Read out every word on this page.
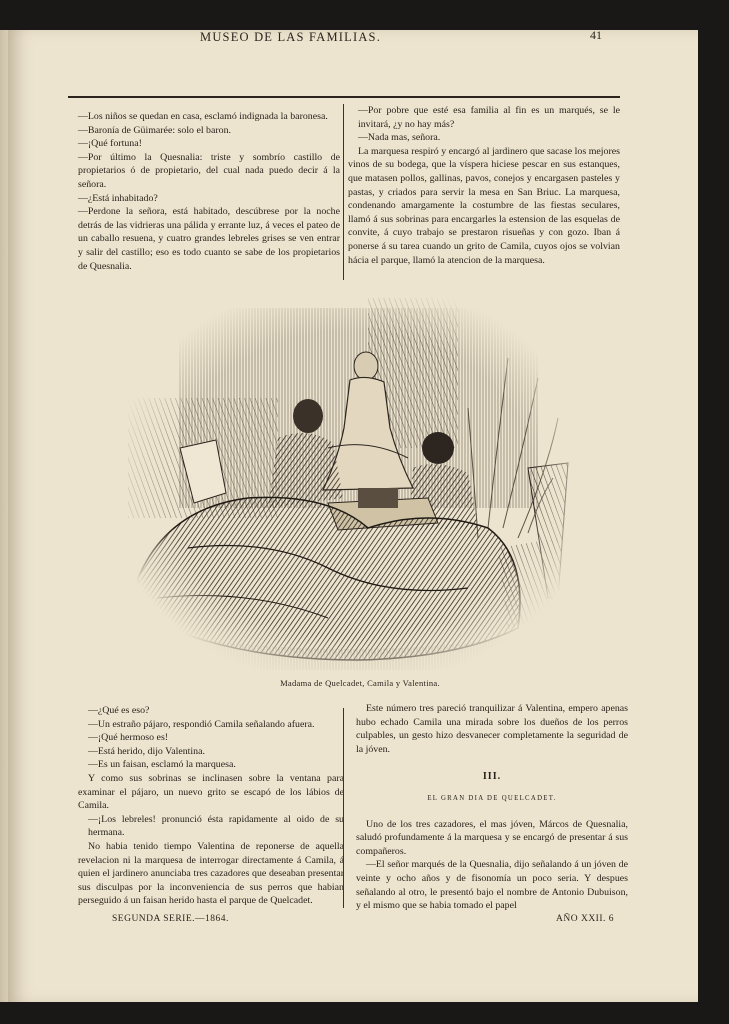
MUSEO DE LAS FAMILIAS.	41

—Los niños se quedan en casa, esclamó indignada la baronesa.

—Baronía de Güimarée: solo el baron.

—¡Qué fortuna!

—Por último la Quesnalia: triste y sombrío castillo de propietarios ó de propietario, del cual nada puedo decir á la señora.

—¿Está inhabitado?

—Perdone la señora, está habitado, descúbrese por la noche detrás de las vidrieras una pálida y errante luz, á veces el pateo de un caballo resuena, y cuatro grandes lebreles grises se ven entrar y salir del castillo; eso es todo cuanto se sabe de los propietarios de Quesnalia.

—Por pobre que esté esa familia al fin es un marqués, se le invitará, ¿y no hay más?

—Nada mas, señora.

La marquesa respiró y encargó al jardinero que sacase los mejores vinos de su bodega, que la víspera hiciese pescar en sus estanques, que matasen pollos, gallinas, pavos, conejos y encargasen pasteles y pastas, y criados para servir la mesa en San Briuc. La marquesa, condenando amargamente la costumbre de las fiestas seculares, llamó á sus sobrinas para encargarles la estension de las esquelas de convite, á cuyo trabajo se prestaron risueñas y con gozo. Iban á ponerse á su tarea cuando un grito de Camila, cuyos ojos se volvian hácia el parque, llamó la atencion de la marquesa.

Madama de Quelcadet, Camila y Valentina.

—¿Qué es eso?

—Un estraño pájaro, respondió Camila señalando afuera.

—¡Qué hermoso es!

—Está herido, dijo Valentina.

—Es un faisan, esclamó la marquesa.

Y como sus sobrinas se inclinasen sobre la ventana para examinar el pájaro, un nuevo grito se escapó de los lábios de Camila.

—¡Los lebreles! pronunció ésta rapidamente al oido de su hermana.

No habia tenido tiempo Valentina de reponerse de aquella revelacion ni la marquesa de interrogar directamente á Camila, á quien el jardinero anunciaba tres cazadores que deseaban presentar sus disculpas por la inconveniencia de sus perros que habian perseguido á un faisan herido hasta el parque de Quelcadet.

Este número tres pareció tranquilizar á Valentina, empero apenas hubo echado Camila una mirada sobre los dueños de los perros culpables, un gesto hizo desvanecer completamente la seguridad de la jóven.

III.
EL GRAN DIA DE QUELCADET.

Uno de los tres cazadores, el mas jóven, Márcos de Quesnalia, saludó profundamente á la marquesa y se encargó de presentar á sus compañeros.

—El señor marqués de la Quesnalia, dijo señalando á un jóven de veinte y ocho años y de fisonomía un poco seria. Y despues señalando al otro, le presentó bajo el nombre de Antonio Dubuison, y el mismo que se habia tomado el papel

SEGUNDA SERIE.—1864.	AÑO XXII. 6
